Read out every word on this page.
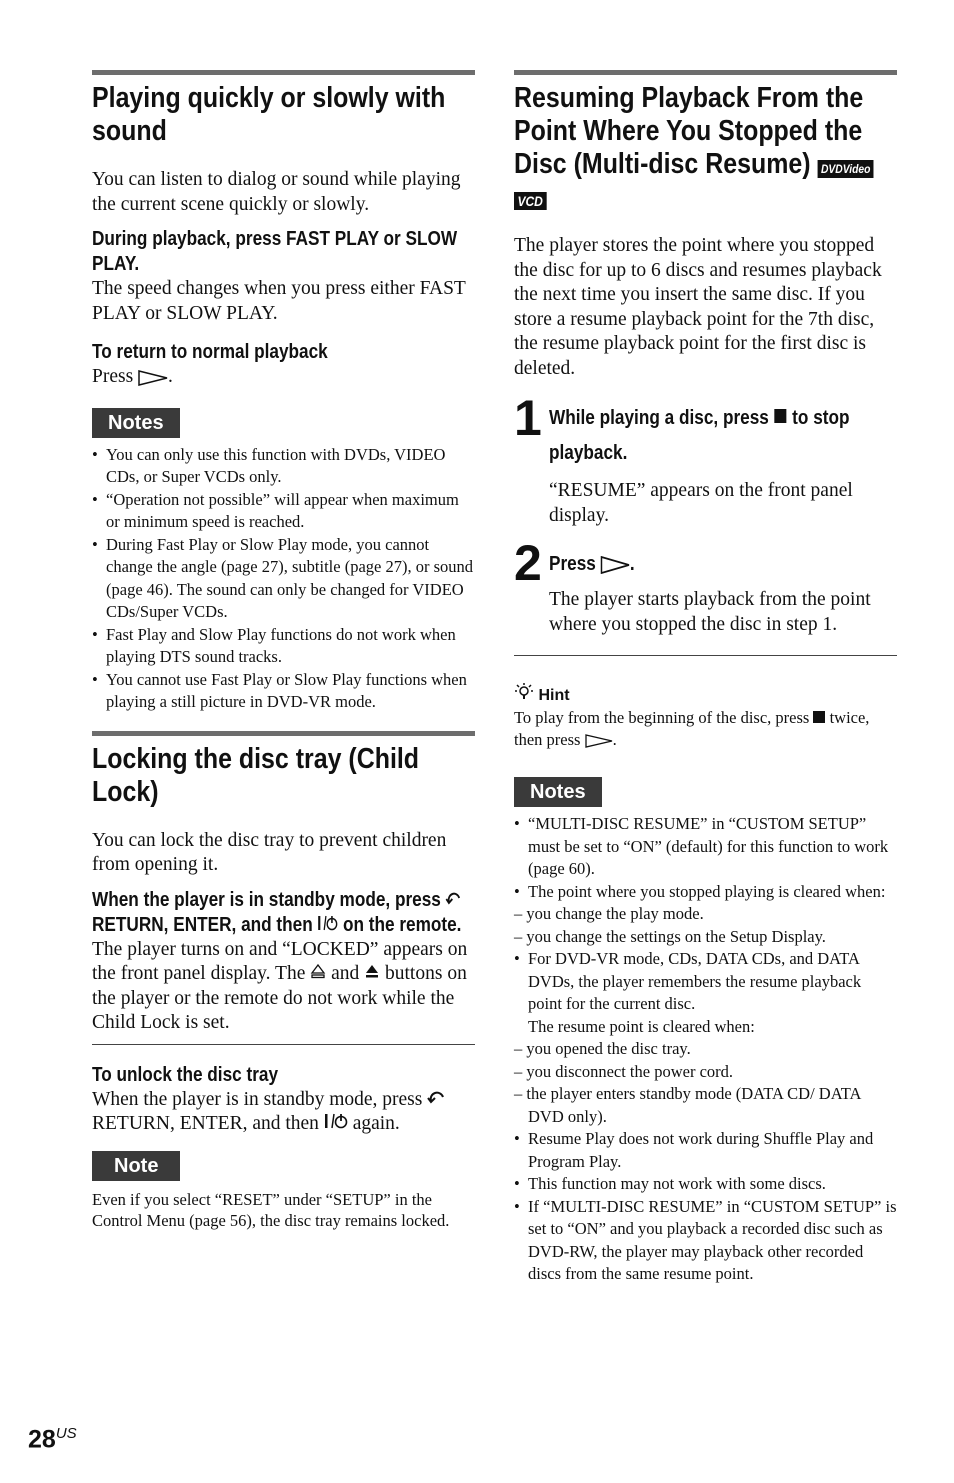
Playing quickly or slowly with sound

You can listen to dialog or sound while playing the current scene quickly or slowly.

During playback, press FAST PLAY or SLOW PLAY.

The speed changes when you press either FAST PLAY or SLOW PLAY.

To return to normal playback

Press .

Notes
• You can only use this function with DVDs, VIDEO CDs, or Super VCDs only.
• “Operation not possible” will appear when maximum or minimum speed is reached.
• During Fast Play or Slow Play mode, you cannot change the angle (page 27), subtitle (page 27), or sound (page 46). The sound can only be changed for VIDEO CDs/Super VCDs.
• Fast Play and Slow Play functions do not work when playing DTS sound tracks.
• You cannot use Fast Play or Slow Play functions when playing a still picture in DVD-VR mode.
Locking the disc tray (Child Lock)

You can lock the disc tray to prevent children from opening it.

When the player is in standby mode, press  RETURN, ENTER, and then on the remote.

The player turns on and “LOCKED” appears on the front panel display. The and buttons on the player or the remote do not work while the Child Lock is set.

To unlock the disc tray

When the player is in standby mode, press  RETURN, ENTER, and then again.

Note

Even if you select “RESET” under “SETUP” in the Control Menu (page 56), the disc tray remains locked.

Resuming Playback From the Point Where You Stopped the Disc (Multi-disc Resume) DVDVideo
VCD

The player stores the point where you stopped the disc for up to 6 discs and resumes playback the next time you insert the same disc. If you store a resume playback point for the 7th disc, the resume playback point for the first disc is deleted.

1 While playing a disc, press to stop playback.

“RESUME” appears on the front panel display.

2 Press .

The player starts playback from the point where you stopped the disc in step 1.

Hint

To play from the beginning of the disc, press twice, then press .

Notes
• “MULTI-DISC RESUME” in “CUSTOM SETUP” must be set to “ON” (default) for this function to work (page 60).
• The point where you stopped playing is cleared when:
– you change the play mode.
– you change the settings on the Setup Display.
• For DVD-VR mode, CDs, DATA CDs, and DATA DVDs, the player remembers the resume playback point for the current disc.
The resume point is cleared when:
– you opened the disc tray.
– you disconnect the power cord.
– the player enters standby mode (DATA CD/ DATA DVD only).
• Resume Play does not work during Shuffle Play and Program Play.
• This function may not work with some discs.
• If “MULTI-DISC RESUME” in “CUSTOM SETUP” is set to “ON” and you playback a recorded disc such as DVD-RW, the player may playback other recorded discs from the same resume point.
$28^{US}$
